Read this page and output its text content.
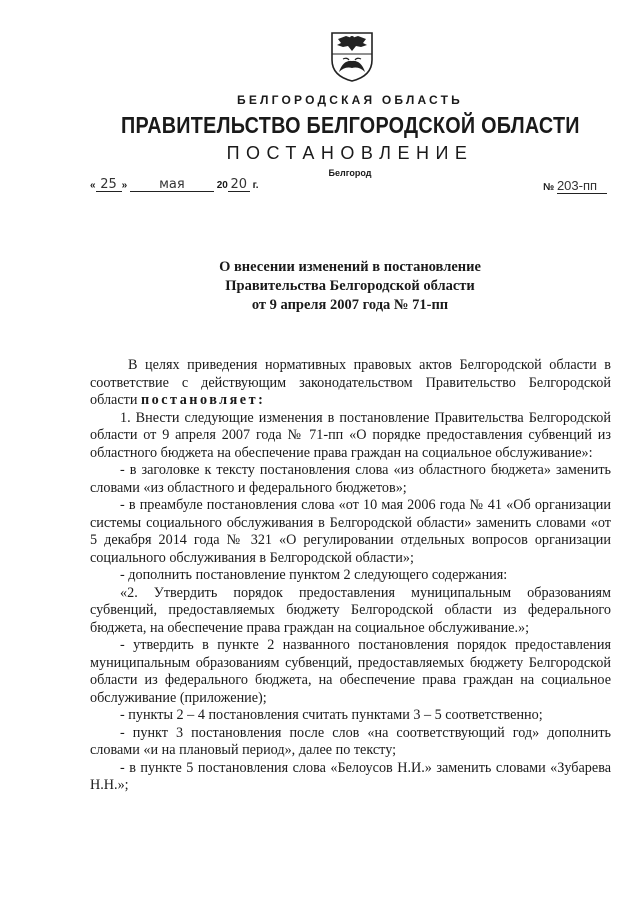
БЕЛГОРОДСКАЯ ОБЛАСТЬ
ПРАВИТЕЛЬСТВО БЕЛГОРОДСКОЙ ОБЛАСТИ
ПОСТАНОВЛЕНИЕ
Белгород
« 25 » мая	20 20 г.	№ 203-пп
О внесении изменений в постановление
Правительства Белгородской области
от 9 апреля 2007 года № 71-пп

В целях приведения нормативных правовых актов Белгородской области в соответствие с действующим законодательством Правительство Белгородской области постановляет:

1. Внести следующие изменения в постановление Правительства Белгородской области от 9 апреля 2007 года № 71-пп «О порядке предоставления субвенций из областного бюджета на обеспечение права граждан на социальное обслуживание»:

- в заголовке к тексту постановления слова «из областного бюджета» заменить словами «из областного и федерального бюджетов»;

- в преамбуле постановления слова «от 10 мая 2006 года № 41 «Об организации системы социального обслуживания в Белгородской области» заменить словами «от 5 декабря 2014 года № 321 «О регулировании отдельных вопросов организации социального обслуживания в Белгородской области»;

- дополнить постановление пунктом 2 следующего содержания:

«2. Утвердить порядок предоставления муниципальным образованиям субвенций, предоставляемых бюджету Белгородской области из федерального бюджета, на обеспечение права граждан на социальное обслуживание.»;

- утвердить в пункте 2 названного постановления порядок предоставления муниципальным образованиям субвенций, предоставляемых бюджету Белгородской области из федерального бюджета, на обеспечение права граждан на социальное обслуживание (приложение);

- пункты 2 – 4 постановления считать пунктами 3 – 5 соответственно;

- пункт 3 постановления после слов «на соответствующий год» дополнить словами «и на плановый период», далее по тексту;

- в пункте 5 постановления слова «Белоусов Н.И.» заменить словами «Зубарева Н.Н.»;
